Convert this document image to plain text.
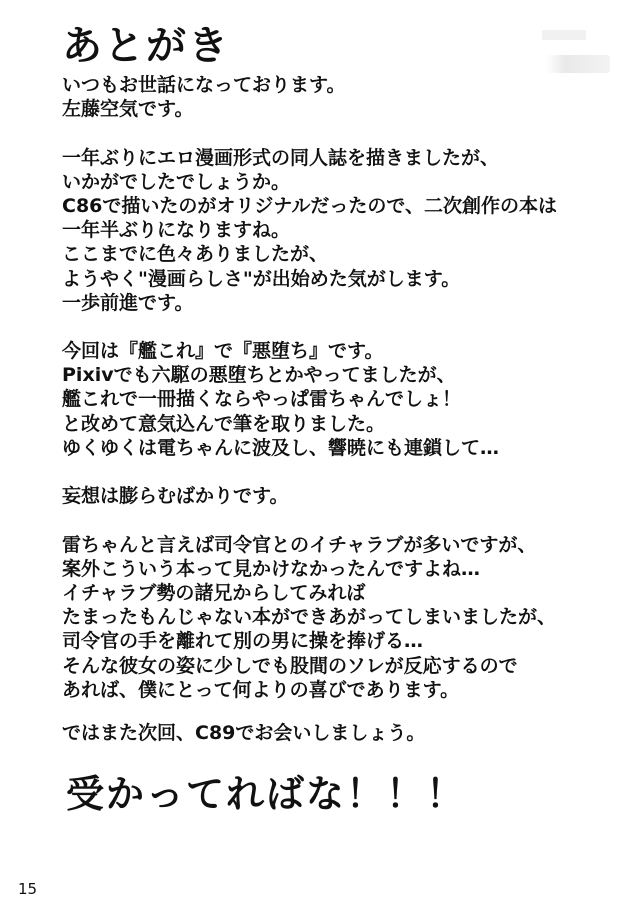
あとがき
いつもお世話になっております。
左藤空気です。
一年ぶりにエロ漫画形式の同人誌を描きましたが、
いかがでしたでしょうか。
C86で描いたのがオリジナルだったので、二次創作の本は
一年半ぶりになりますね。
ここまでに色々ありましたが、
ようやく"漫画らしさ"が出始めた気がします。
一歩前進です。
今回は『艦これ』で『悪堕ち』です。
Pixivでも六駆の悪堕ちとかやってましたが、
艦これで一冊描くならやっぱ雷ちゃんでしょ！
と改めて意気込んで筆を取りました。
ゆくゆくは電ちゃんに波及し、響暁にも連鎖して…
妄想は膨らむばかりです。
雷ちゃんと言えば司令官とのイチャラブが多いですが、
案外こういう本って見かけなかったんですよね…
イチャラブ勢の諸兄からしてみれば
たまったもんじゃない本ができあがってしまいましたが、
司令官の手を離れて別の男に操を捧げる…
そんな彼女の姿に少しでも股間のソレが反応するので
あれば、僕にとって何よりの喜びであります。

ではまた次回、C89でお会いしましょう。

受かってればな！！！

15
